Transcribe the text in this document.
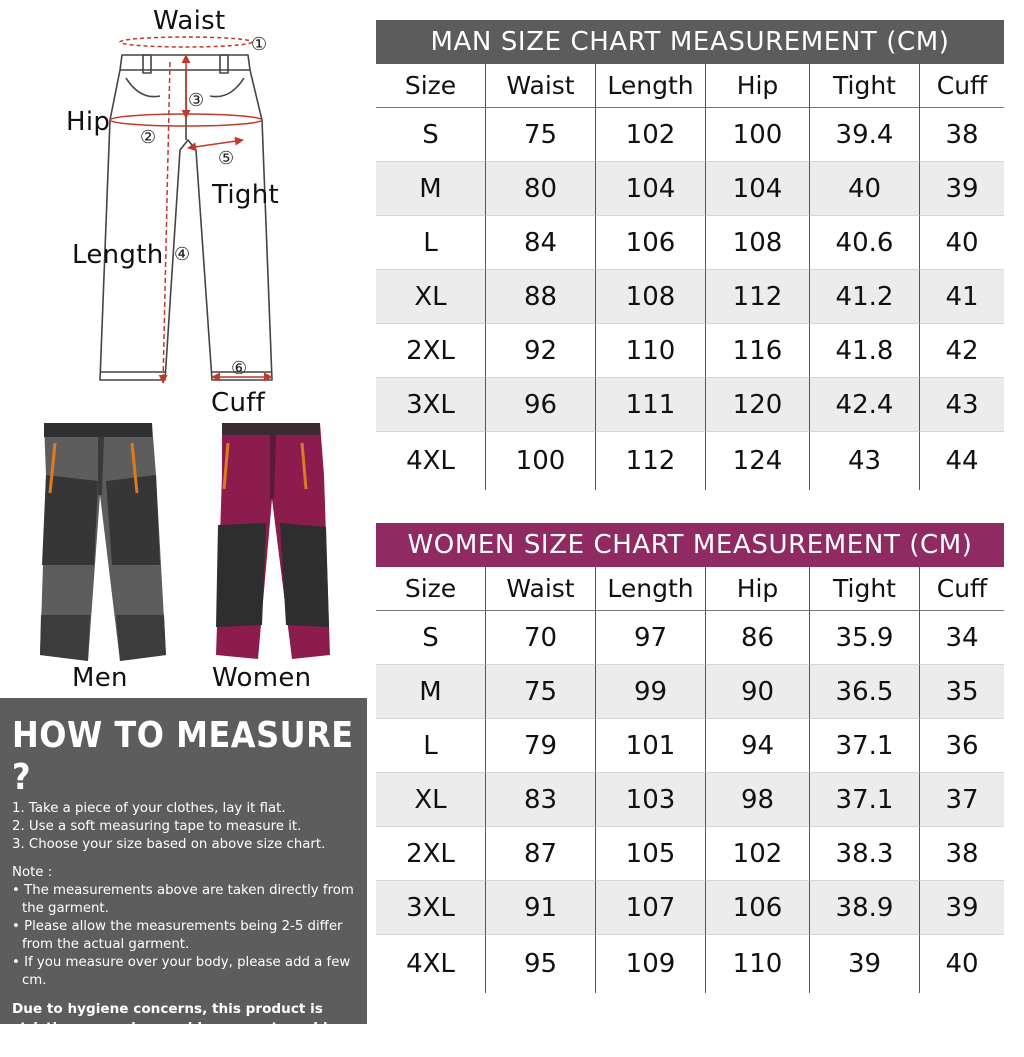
①
②
③
④
⑤
⑥
Waist
Hip
Tight
Length
Cuff
Men	Women
MAN SIZE CHART MEASUREMENT (CM)
Size	Waist	Length	Hip	Tight	Cuff
S	75	102	100	39.4	38
M	80	104	104	40	39
L	84	106	108	40.6	40
XL	88	108	112	41.2	41
2XL	92	110	116	41.8	42
3XL	96	111	120	42.4	43
4XL	100	112	124	43	44
WOMEN SIZE CHART MEASUREMENT (CM)
Size	Waist	Length	Hip	Tight	Cuff
S	70	97	86	35.9	34
M	75	99	90	36.5	35
L	79	101	94	37.1	36
XL	83	103	98	37.1	37
2XL	87	105	102	38.3	38
3XL	91	107	106	38.9	39
4XL	95	109	110	39	40
HOW TO MEASURE ?
1. Take a piece of your clothes, lay it flat.
2. Use a soft measuring tape to measure it.
3. Choose your size based on above size chart.
Note :
• The measurements above are taken directly from the garment.
• Please allow the measurements being 2-5 differ from the actual garment.
• If you measure over your body, please add a few cm.
Due to hygiene concerns, this product is strictly non-exchangeable, non-returnable and non-refundable.
